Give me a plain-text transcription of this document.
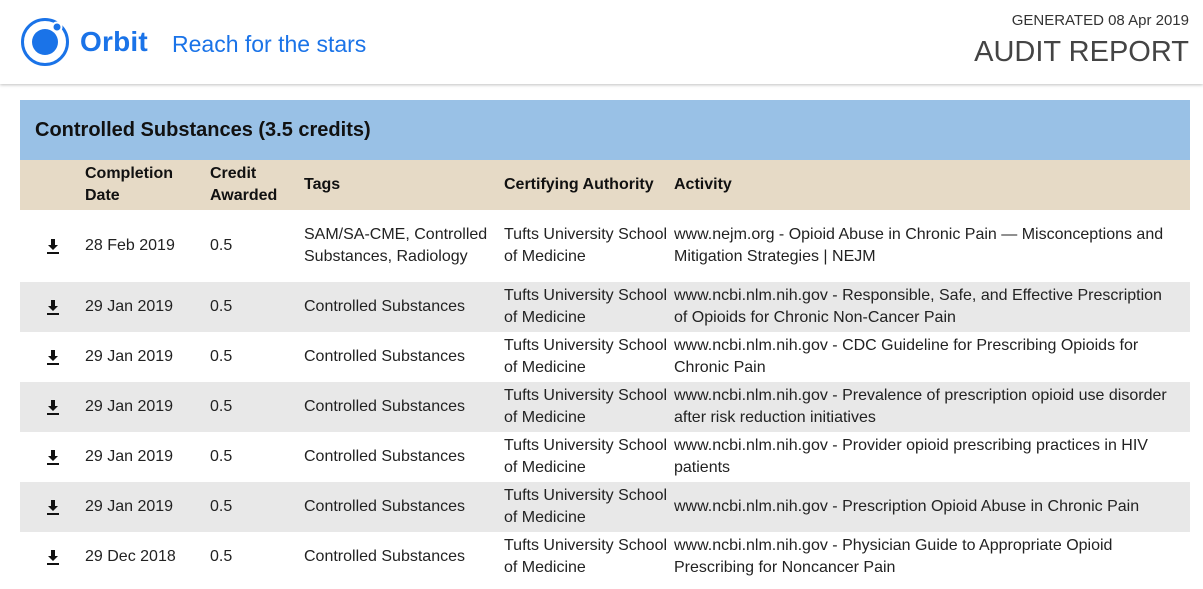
Orbit Reach for the stars
GENERATED 08 Apr 2019
AUDIT REPORT
Controlled Substances (3.5 credits)
	Completion Date	Credit Awarded	Tags	Certifying Authority	Activity
	28 Feb 2019	0.5	SAM/SA-CME, Controlled Substances, Radiology	Tufts University School of Medicine	www.nejm.org - Opioid Abuse in Chronic Pain — Misconceptions and Mitigation Strategies | NEJM

	29 Jan 2019	0.5	Controlled Substances	Tufts University School of Medicine	www.ncbi.nlm.nih.gov - Responsible, Safe, and Effective Prescription of Opioids for Chronic Non-Cancer Pain

	29 Jan 2019	0.5	Controlled Substances	Tufts University School of Medicine	www.ncbi.nlm.nih.gov - CDC Guideline for Prescribing Opioids for Chronic Pain

	29 Jan 2019	0.5	Controlled Substances	Tufts University School of Medicine	www.ncbi.nlm.nih.gov - Prevalence of prescription opioid use disorder after risk reduction initiatives

	29 Jan 2019	0.5	Controlled Substances	Tufts University School of Medicine	www.ncbi.nlm.nih.gov - Provider opioid prescribing practices in HIV patients

	29 Jan 2019	0.5	Controlled Substances	Tufts University School of Medicine	www.ncbi.nlm.nih.gov - Prescription Opioid Abuse in Chronic Pain

	29 Dec 2018	0.5	Controlled Substances	Tufts University School of Medicine	www.ncbi.nlm.nih.gov - Physician Guide to Appropriate Opioid Prescribing for Noncancer Pain
